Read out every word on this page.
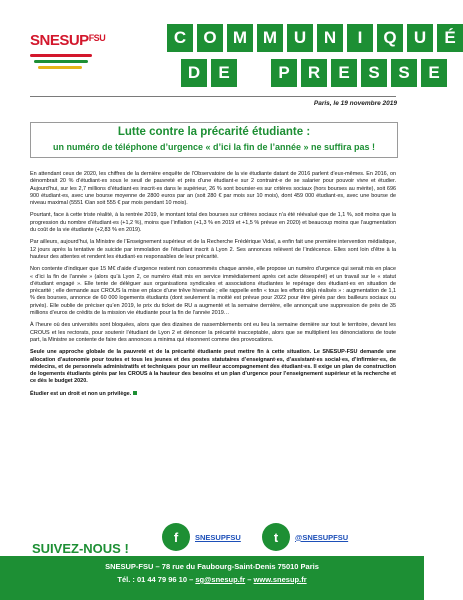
$SNESUP^{FSU}$	C	O M M U	N	I	Q	U	É
D	E	P	R	E	S	S	E
Paris, le 19 novembre 2019
Lutte contre la précarité étudiante :
un numéro de téléphone d’urgence « d’ici la fin de l’année » ne suffira pas !

En attendant ceux de 2020, les chiffres de la dernière enquête de l’Observatoire de la vie étudiante datant de 2016 parlent d’eux-mêmes. En 2016, on dénombrait 20 % d’étudiant·es sous le seuil de pauvreté et près d’une étudiant·e sur 2 contraint·e de se salarier pour pouvoir vivre et étudier. Aujourd’hui, sur les 2,7 millions d’étudiant·es inscrit·es dans le supérieur, 26 % sont boursier·es sur critères sociaux (hors bourses au mérite), soit 696 900 étudiant·es, avec une bourse moyenne de 2800 euros par an (soit 280 € par mois sur 10 mois), dont 459 000 étudiant·es, avec une bourse de niveau maximal (5551 €/an soit 555 € par mois pendant 10 mois).

Pourtant, face à cette triste réalité, à la rentrée 2019, le montant total des bourses sur critères sociaux n’a été réévalué que de 1,1 %, soit moins que la progression du nombre d’étudiant·es (+1,2 %), moins que l’inflation (+1,3 % en 2019 et +1,5 % prévue en 2020) et beaucoup moins que l’augmentation du coût de la vie étudiante (+2,83 % en 2019).

Par ailleurs, aujourd’hui, la Ministre de l’Enseignement supérieur et de la Recherche Frédérique Vidal, a enfin fait une première intervention médiatique, 12 jours après la tentative de suicide par immolation de l’étudiant inscrit à Lyon 2. Ses annonces relèvent de l’indécence. Elles sont loin d’être à la hauteur des attentes et rendent les étudiant·es responsables de leur précarité.

Non contente d’indiquer que 15 M€ d’aide d’urgence restent non consommés chaque année, elle propose un numéro d’urgence qui serait mis en place « d’ici la fin de l’année » (alors qu’à Lyon 2, ce numéro était mis en service immédiatement après cet acte désespéré) et un travail sur le « statut d’étudiant engagé ». Elle tente de déléguer aux organisations syndicales et associations étudiantes le repérage des étudiant·es en situation de précarité ; elle demande aux CROUS la mise en place d’une trêve hivernale ; elle rappelle enfin « tous les efforts déjà réalisés » : augmentation de 1,1 % des bourses, annonce de 60 000 logements étudiants (dont seulement la moitié est prévue pour 2022 pour être gérés par des bailleurs sociaux ou privés). Elle oublie de préciser qu’en 2019, le prix du ticket de RU a augmenté et la semaine dernière, elle annonçait une suppression de près de 35 millions d’euros de crédits de la mission vie étudiante pour la fin de l’année 2019…

À l’heure où des universités sont bloquées, alors que des dizaines de rassemblements ont eu lieu la semaine dernière sur tout le territoire, devant les CROUS et les rectorats, pour soutenir l’étudiant de Lyon 2 et dénoncer la précarité inacceptable, alors que se multiplient les dénonciations de toute part, la Ministre se contente de faire des annonces a minima qui résonnent comme des provocations.

Seule une approche globale de la pauvreté et de la précarité étudiante peut mettre fin à cette situation. Le SNESUP-FSU demande une allocation d’autonomie pour toutes et tous les jeunes et des postes statutaires d’enseignant·es, d’assistant·es social·es, d’infirmier·es, de médecins, et de personnels administratifs et techniques pour un meilleur accompagnement des étudiant·es. Il exige un plan de construction de logements étudiants gérés par les CROUS à la hauteur des besoins et un plan d’urgence pour l’enseignement supérieur et la recherche et ce dès le budget 2020.

Étudier est un droit et non un privilège.

SUIVEZ-NOUS !
f	SNESUPFSU	t	@SNESUPFSU
SNESUP-FSU – 78 rue du Faubourg-Saint-Denis 75010 Paris
Tél. : 01 44 79 96 10 – sg@snesup.fr – www.snesup.fr
